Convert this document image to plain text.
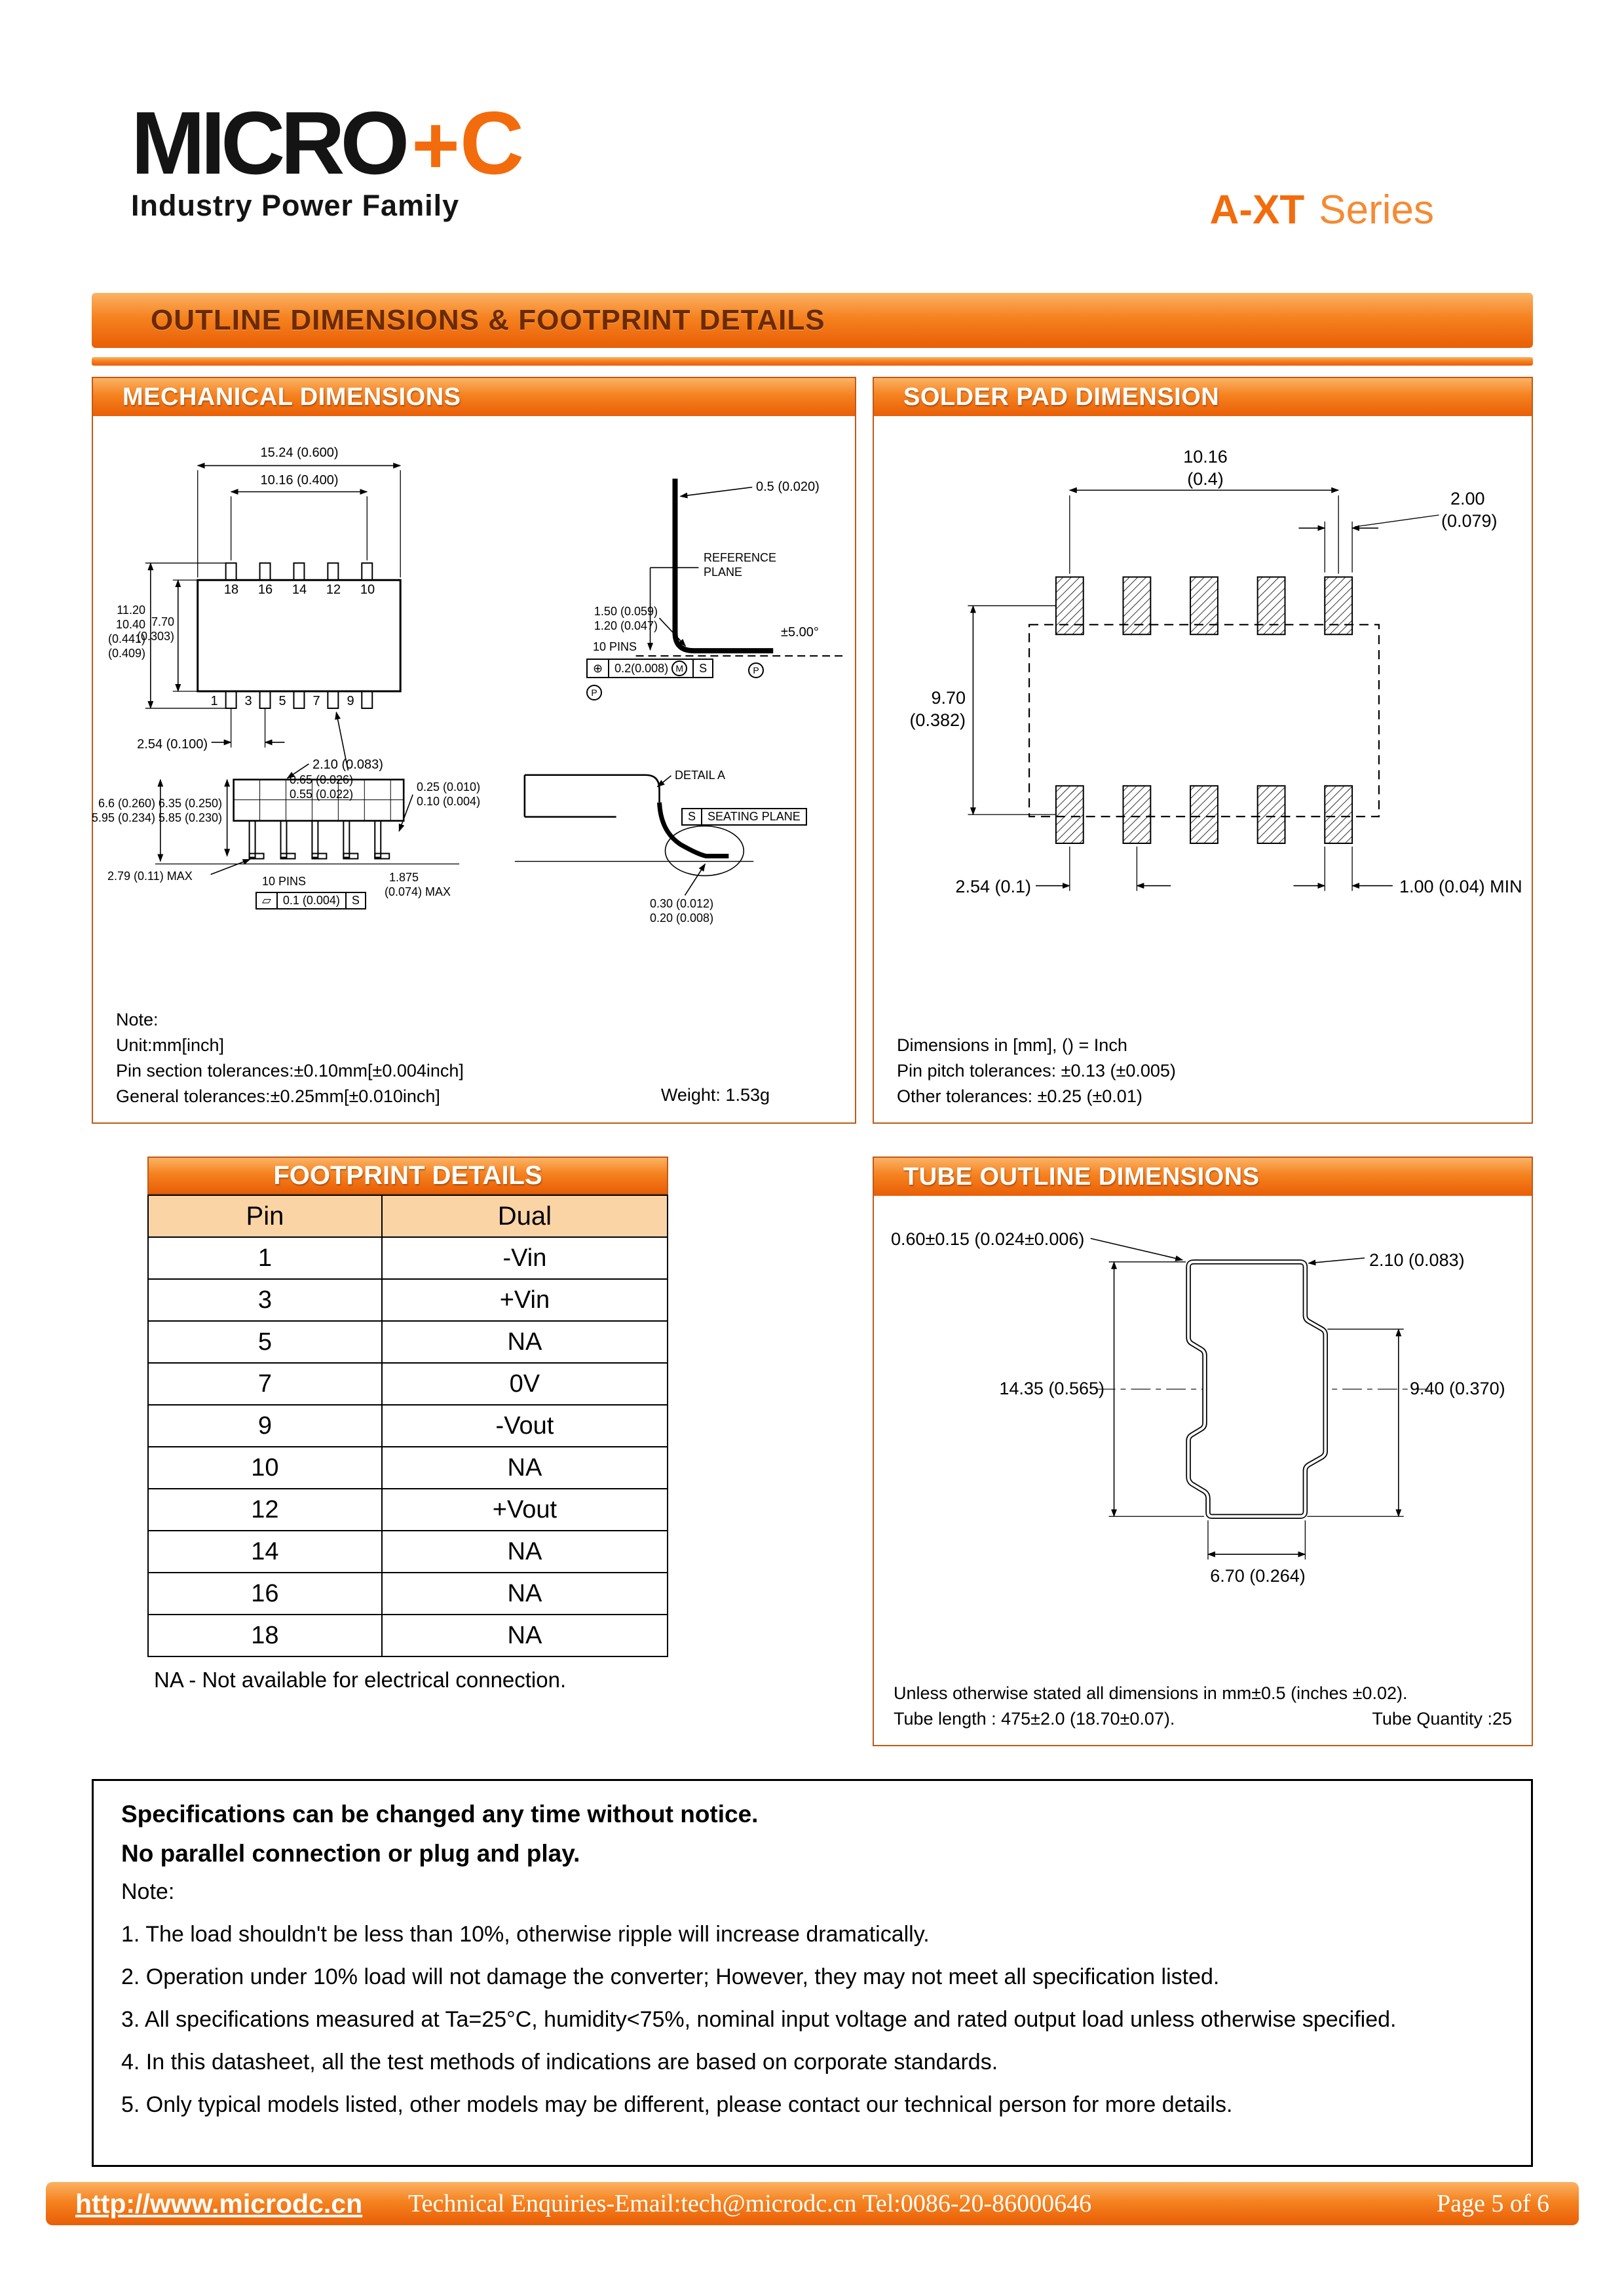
MICRO + C
Industry Power Family	A-XT Series
OUTLINE DIMENSIONS & FOOTPRINT DETAILS
MECHANICAL DIMENSIONS
15.24 (0.600)
10.16 (0.400)
18	16	14	12	10
1	3	5	7	9
11.20
10.40
(0.441)
(0.409)
7.70
(0.303)
2.54 (0.100)
0.65 (0.026)
0.55 (0.022)
REFERENCE
PLANE
0.5 (0.020)
1.50 (0.059)
1.20 (0.047)
10 PINS
⊕ 0.2(0.008) M	S
±5.00°
P
P
2.10 (0.083)
6.6 (0.260)
5.95 (0.234)
6.35 (0.250)
5.85 (0.230)
0.25 (0.010)
0.10 (0.004)
2.79 (0.11) MAX	10 PINS
▱	0.1 (0.004)	S
1.875
(0.074) MAX
DETAIL A
S	SEATING PLANE
0.30 (0.012)
0.20 (0.008)
Note:
Unit:mm[inch]
Pin section tolerances:±0.10mm[±0.004inch]
General tolerances:±0.25mm[±0.010inch]	Weight: 1.53g
SOLDER PAD DIMENSION
10.16
(0.4)
2.00
(0.079)
9.70
(0.382)
2.54 (0.1)	1.00 (0.04) MIN
Dimensions in [mm], () = Inch
Pin pitch tolerances: ±0.13 (±0.005)
Other tolerances: ±0.25 (±0.01)
FOOTPRINT DETAILS
Pin	Dual
1	-Vin
3	+Vin
5	NA
7	0V
9	-Vout
10	NA
12	+Vout
14	NA
16	NA
18	NA
NA - Not available for electrical connection.
TUBE OUTLINE DIMENSIONS
0.60±0.15 (0.024±0.006)
2.10 (0.083)
14.35 (0.565)	9.40 (0.370)
6.70 (0.264)
Unless otherwise stated all dimensions in mm±0.5 (inches ±0.02).
Tube length : 475±2.0 (18.70±0.07).	Tube Quantity :25

Specifications can be changed any time without notice.

No parallel connection or plug and play.

Note:

1. The load shouldn't be less than 10%, otherwise ripple will increase dramatically.

2. Operation under 10% load will not damage the converter; However, they may not meet all specification listed.

3. All specifications measured at Ta=25°C, humidity<75%, nominal input voltage and rated output load unless otherwise specified.

4. In this datasheet, all the test methods of indications are based on corporate standards.

5. Only typical models listed, other models may be different, please contact our technical person for more details.

http://www.microdc.cn Technical Enquiries-Email:tech@microdc.cn Tel:0086-20-86000646	Page 5 of 6
